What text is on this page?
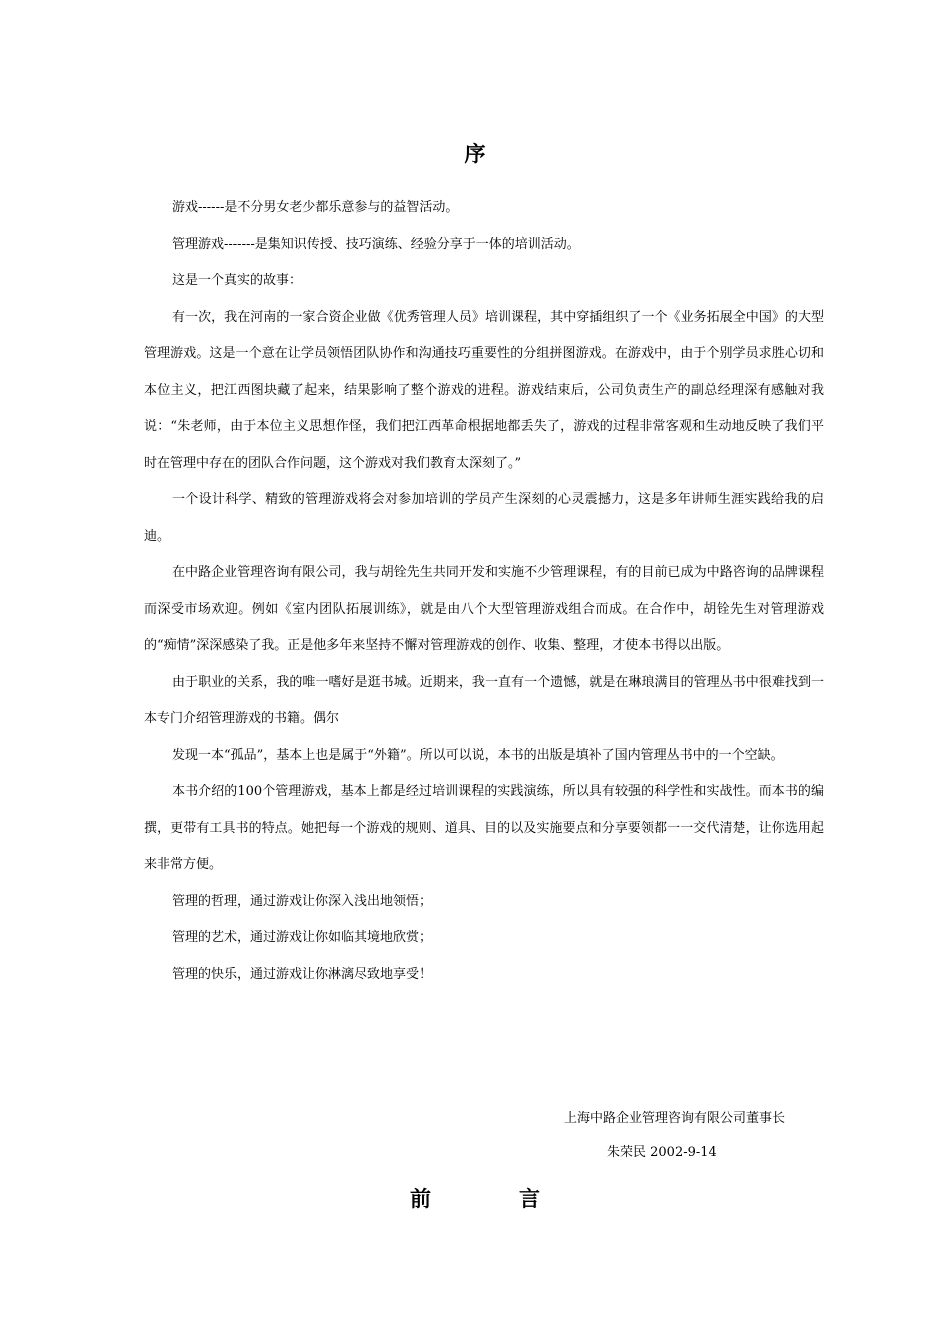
序

游戏------是不分男女老少都乐意参与的益智活动。

管理游戏-------是集知识传授、技巧演练、经验分享于一体的培训活动。

这是一个真实的故事：

有一次，我在河南的一家合资企业做《优秀管理人员》培训课程，其中穿插组织了一个《业务拓展全中国》的大型管理游戏。这是一个意在让学员领悟团队协作和沟通技巧重要性的分组拼图游戏。在游戏中，由于个别学员求胜心切和本位主义，把江西图块藏了起来，结果影响了整个游戏的进程。游戏结束后，公司负责生产的副总经理深有感触对我说：“朱老师，由于本位主义思想作怪，我们把江西革命根据地都丢失了，游戏的过程非常客观和生动地反映了我们平时在管理中存在的团队合作问题，这个游戏对我们教育太深刻了。”

一个设计科学、精致的管理游戏将会对参加培训的学员产生深刻的心灵震撼力，这是多年讲师生涯实践给我的启迪。

在中路企业管理咨询有限公司，我与胡铨先生共同开发和实施不少管理课程，有的目前已成为中路咨询的品牌课程而深受市场欢迎。例如《室内团队拓展训练》，就是由八个大型管理游戏组合而成。在合作中，胡铨先生对管理游戏的“痴情”深深感染了我。正是他多年来坚持不懈对管理游戏的创作、收集、整理，才使本书得以出版。

由于职业的关系，我的唯一嗜好是逛书城。近期来，我一直有一个遗憾，就是在琳琅满目的管理丛书中很难找到一本专门介绍管理游戏的书籍。偶尔

发现一本“孤品”，基本上也是属于“外籍”。所以可以说，本书的出版是填补了国内管理丛书中的一个空缺。

本书介绍的100个管理游戏，基本上都是经过培训课程的实践演练，所以具有较强的科学性和实战性。而本书的编撰，更带有工具书的特点。她把每一个游戏的规则、道具、目的以及实施要点和分享要领都一一交代清楚，让你选用起来非常方便。

管理的哲理，通过游戏让你深入浅出地领悟；

管理的艺术，通过游戏让你如临其境地欣赏；

管理的快乐，通过游戏让你淋漓尽致地享受！

上海中路企业管理咨询有限公司董事长
朱荣民 2002-9-14
前	言
